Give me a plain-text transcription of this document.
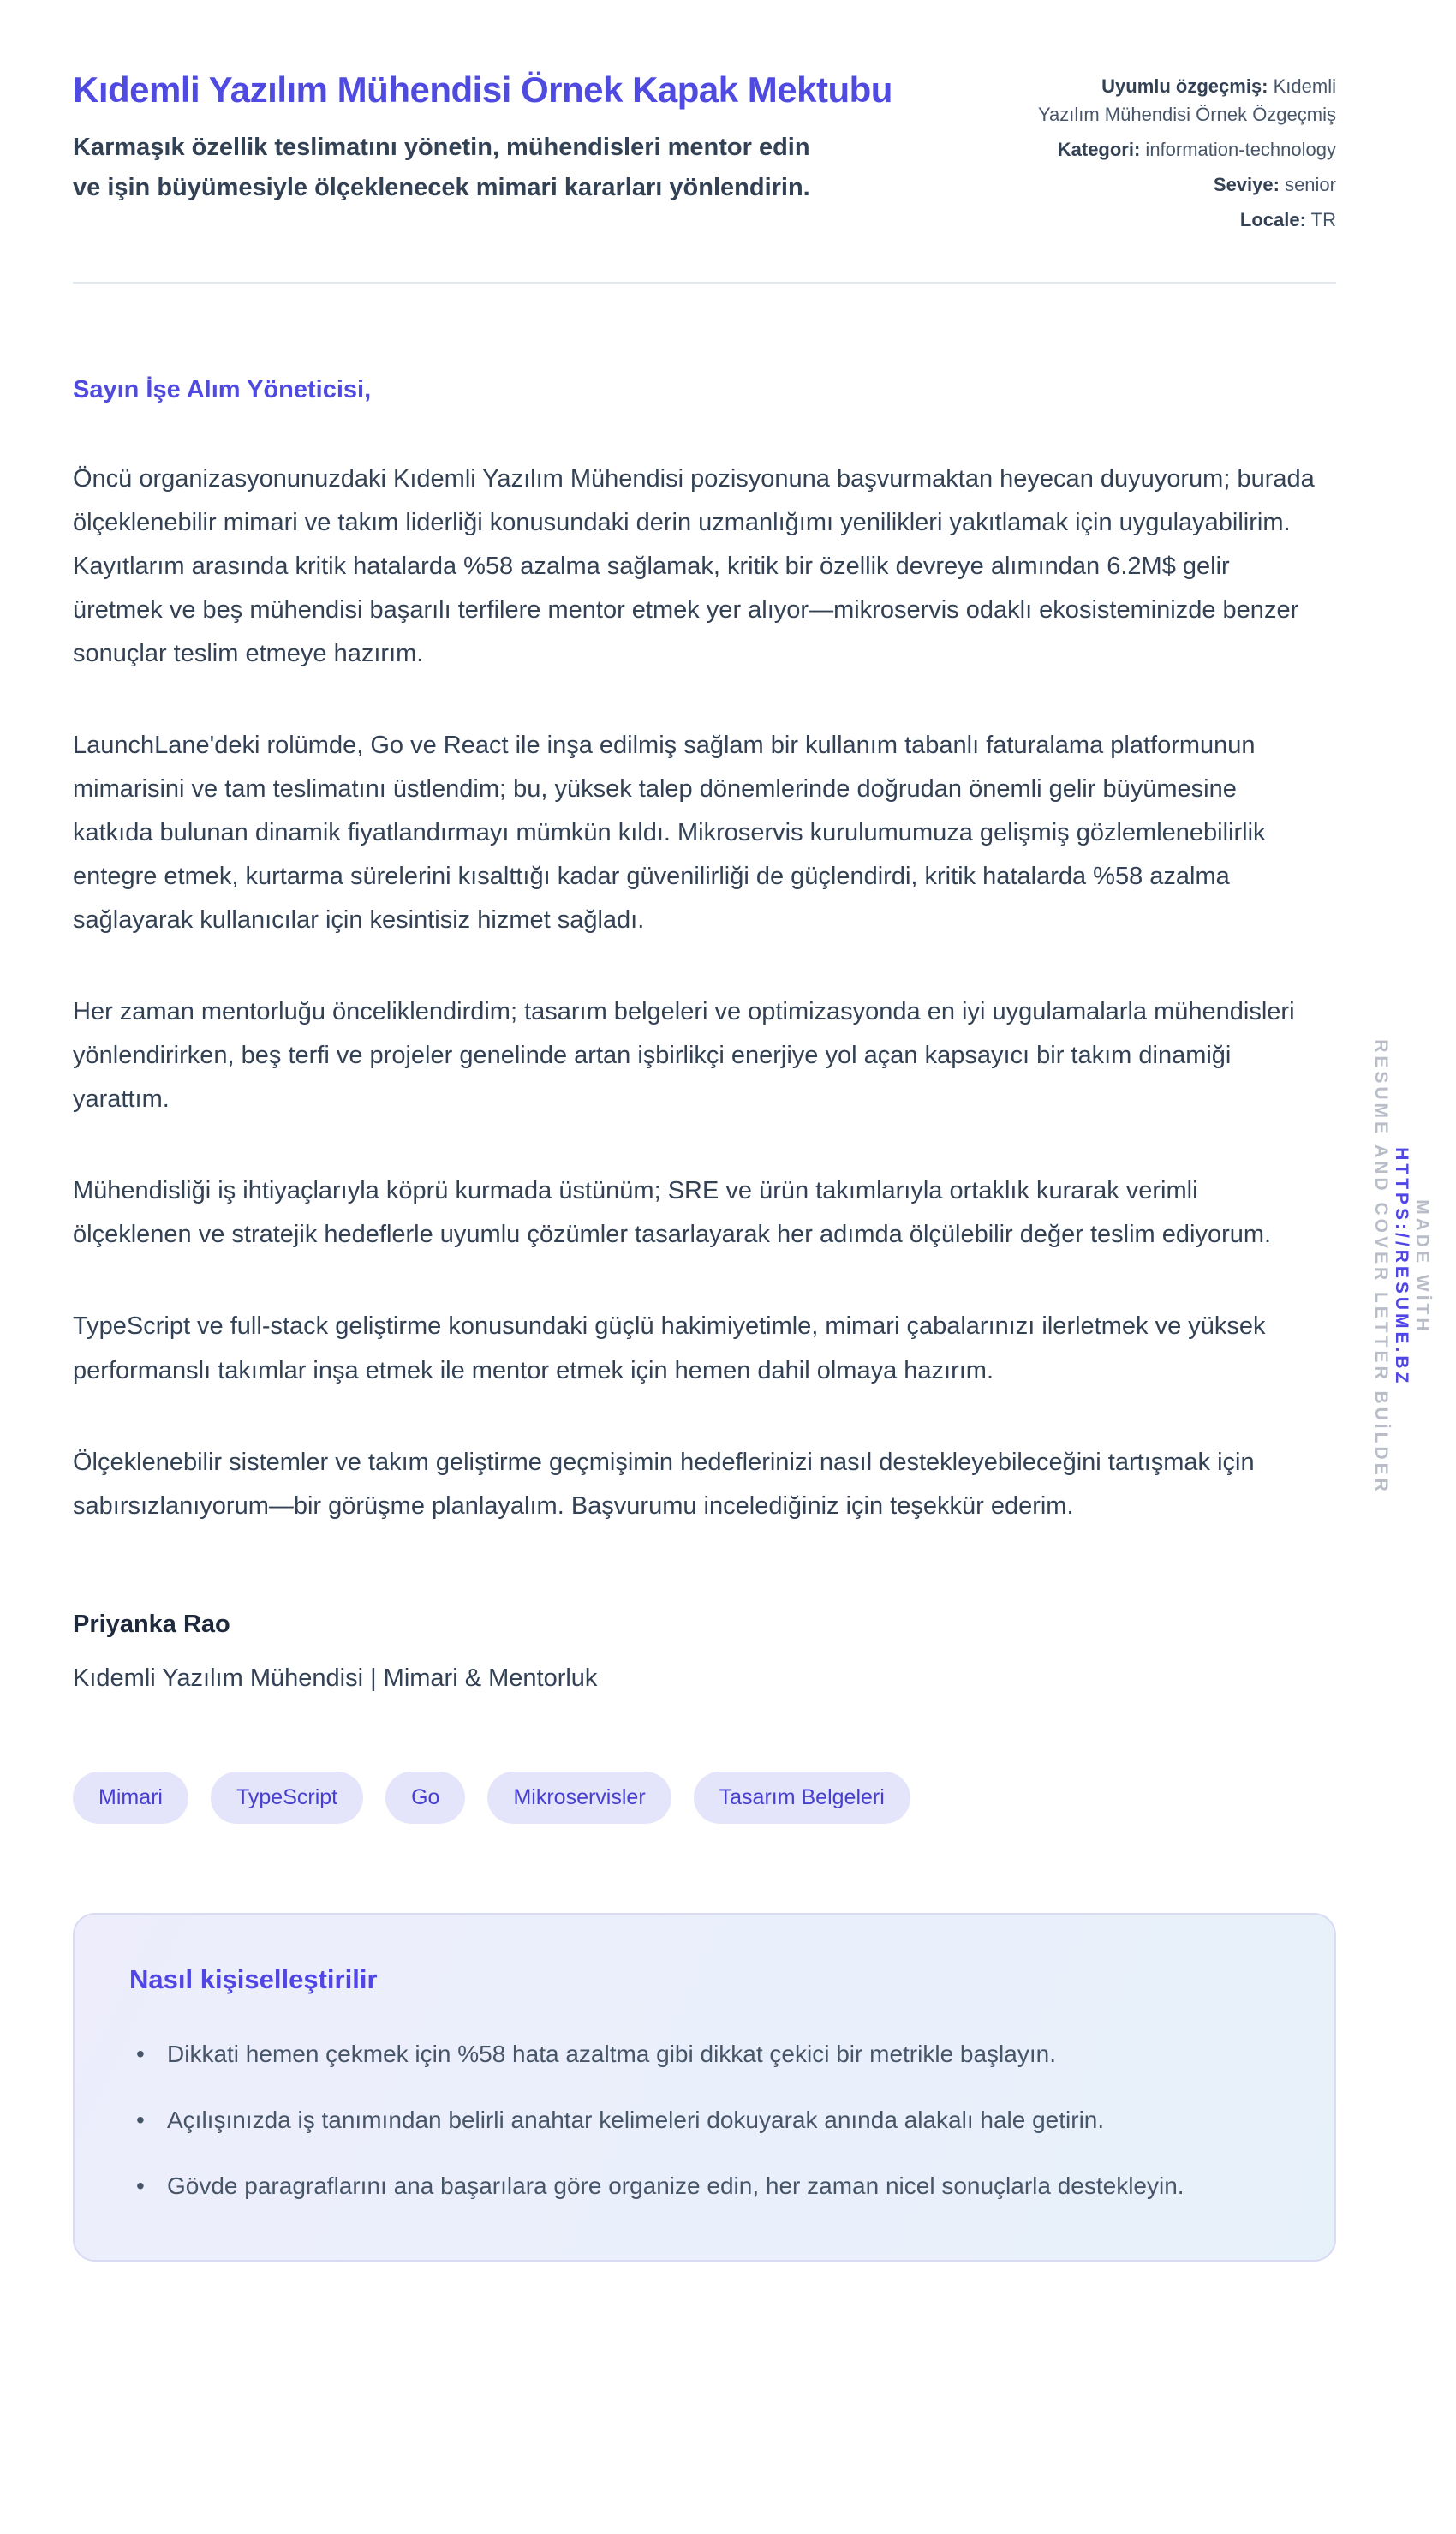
Kıdemli Yazılım Mühendisi Örnek Kapak Mektubu
Karmaşık özellik teslimatını yönetin, mühendisleri mentor edin ve işin büyümesiyle ölçeklenecek mimari kararları yönlendirin.
Uyumlu özgeçmiş: Kıdemli Yazılım Mühendisi Örnek Özgeçmiş
Kategori: information-technology
Seviye: senior
Locale: TR
Sayın İşe Alım Yöneticisi,

Öncü organizasyonunuzdaki Kıdemli Yazılım Mühendisi pozisyonuna başvurmaktan heyecan duyuyorum; burada ölçeklenebilir mimari ve takım liderliği konusundaki derin uzmanlığımı yenilikleri yakıtlamak için uygulayabilirim. Kayıtlarım arasında kritik hatalarda %58 azalma sağlamak, kritik bir özellik devreye alımından 6.2M$ gelir üretmek ve beş mühendisi başarılı terfilere mentor etmek yer alıyor—mikroservis odaklı ekosisteminizde benzer sonuçlar teslim etmeye hazırım.

LaunchLane'deki rolümde, Go ve React ile inşa edilmiş sağlam bir kullanım tabanlı faturalama platformunun mimarisini ve tam teslimatını üstlendim; bu, yüksek talep dönemlerinde doğrudan önemli gelir büyümesine katkıda bulunan dinamik fiyatlandırmayı mümkün kıldı. Mikroservis kurulumumuza gelişmiş gözlemlenebilirlik entegre etmek, kurtarma sürelerini kısalttığı kadar güvenilirliği de güçlendirdi, kritik hatalarda %58 azalma sağlayarak kullanıcılar için kesintisiz hizmet sağladı.

Her zaman mentorluğu önceliklendirdim; tasarım belgeleri ve optimizasyonda en iyi uygulamalarla mühendisleri yönlendirirken, beş terfi ve projeler genelinde artan işbirlikçi enerjiye yol açan kapsayıcı bir takım dinamiği yarattım.

Mühendisliği iş ihtiyaçlarıyla köprü kurmada üstünüm; SRE ve ürün takımlarıyla ortaklık kurarak verimli ölçeklenen ve stratejik hedeflerle uyumlu çözümler tasarlayarak her adımda ölçülebilir değer teslim ediyorum.

TypeScript ve full-stack geliştirme konusundaki güçlü hakimiyetimle, mimari çabalarınızı ilerletmek ve yüksek performanslı takımlar inşa etmek ile mentor etmek için hemen dahil olmaya hazırım.

Ölçeklenebilir sistemler ve takım geliştirme geçmişimin hedeflerinizi nasıl destekleyebileceğini tartışmak için sabırsızlanıyorum—bir görüşme planlayalım. Başvurumu incelediğiniz için teşekkür ederim.

Priyanka Rao
Kıdemli Yazılım Mühendisi | Mimari & Mentorluk
Mimari	TypeScript	Go	Mikroservisler	Tasarım Belgeleri
Nasıl kişiselleştirilir
• Dikkati hemen çekmek için %58 hata azaltma gibi dikkat çekici bir metrikle başlayın.
• Açılışınızda iş tanımından belirli anahtar kelimeleri dokuyarak anında alakalı hale getirin.
• Gövde paragraflarını ana başarılara göre organize edin, her zaman nicel sonuçlarla destekleyin.
MADE WİTH
HTTPS://RESUME.BZ
RESUME AND COVER LETTER BUİLDER
